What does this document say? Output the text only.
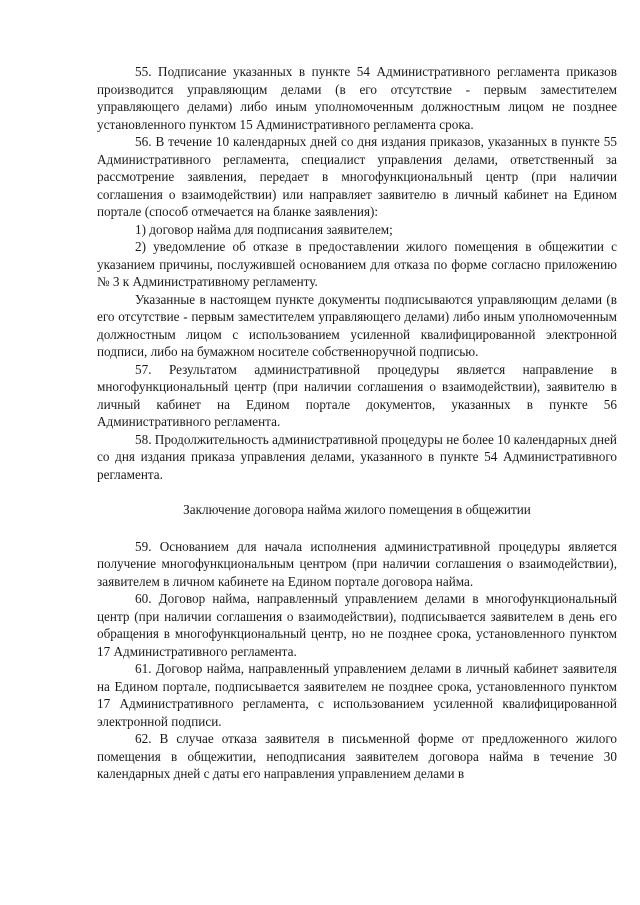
55. Подписание указанных в пункте 54 Административного регламента приказов производится управляющим делами (в его отсутствие - первым заместителем управляющего делами) либо иным уполномоченным должностным лицом не позднее установленного пунктом 15 Административного регламента срока.

56. В течение 10 календарных дней со дня издания приказов, указанных в пункте 55 Административного регламента, специалист управления делами, ответственный за рассмотрение заявления, передает в многофункциональный центр (при наличии соглашения о взаимодействии) или направляет заявителю в личный кабинет на Едином портале (способ отмечается на бланке заявления):

1) договор найма для подписания заявителем;

2) уведомление об отказе в предоставлении жилого помещения в общежитии с указанием причины, послужившей основанием для отказа по форме согласно приложению № 3 к Административному регламенту.

Указанные в настоящем пункте документы подписываются управляющим делами (в его отсутствие - первым заместителем управляющего делами) либо иным уполномоченным должностным лицом с использованием усиленной квалифицированной электронной подписи, либо на бумажном носителе собственноручной подписью.

57. Результатом административной процедуры является направление в многофункциональный центр (при наличии соглашения о взаимодействии), заявителю в личный кабинет на Едином портале документов, указанных в пункте 56 Административного регламента.

58. Продолжительность административной процедуры не более 10 календарных дней со дня издания приказа управления делами, указанного в пункте 54 Административного регламента.

Заключение договора найма жилого помещения в общежитии

59. Основанием для начала исполнения административной процедуры является получение многофункциональным центром (при наличии соглашения о взаимодействии), заявителем в личном кабинете на Едином портале договора найма.

60. Договор найма, направленный управлением делами в многофункциональный центр (при наличии соглашения о взаимодействии), подписывается заявителем в день его обращения в многофункциональный центр, но не позднее срока, установленного пунктом 17 Административного регламента.

61. Договор найма, направленный управлением делами в личный кабинет заявителя на Едином портале, подписывается заявителем не позднее срока, установленного пунктом 17 Административного регламента, с использованием усиленной квалифицированной электронной подписи.

62. В случае отказа заявителя в письменной форме от предложенного жилого помещения в общежитии, неподписания заявителем договора найма в течение 30 календарных дней с даты его направления управлением делами в
